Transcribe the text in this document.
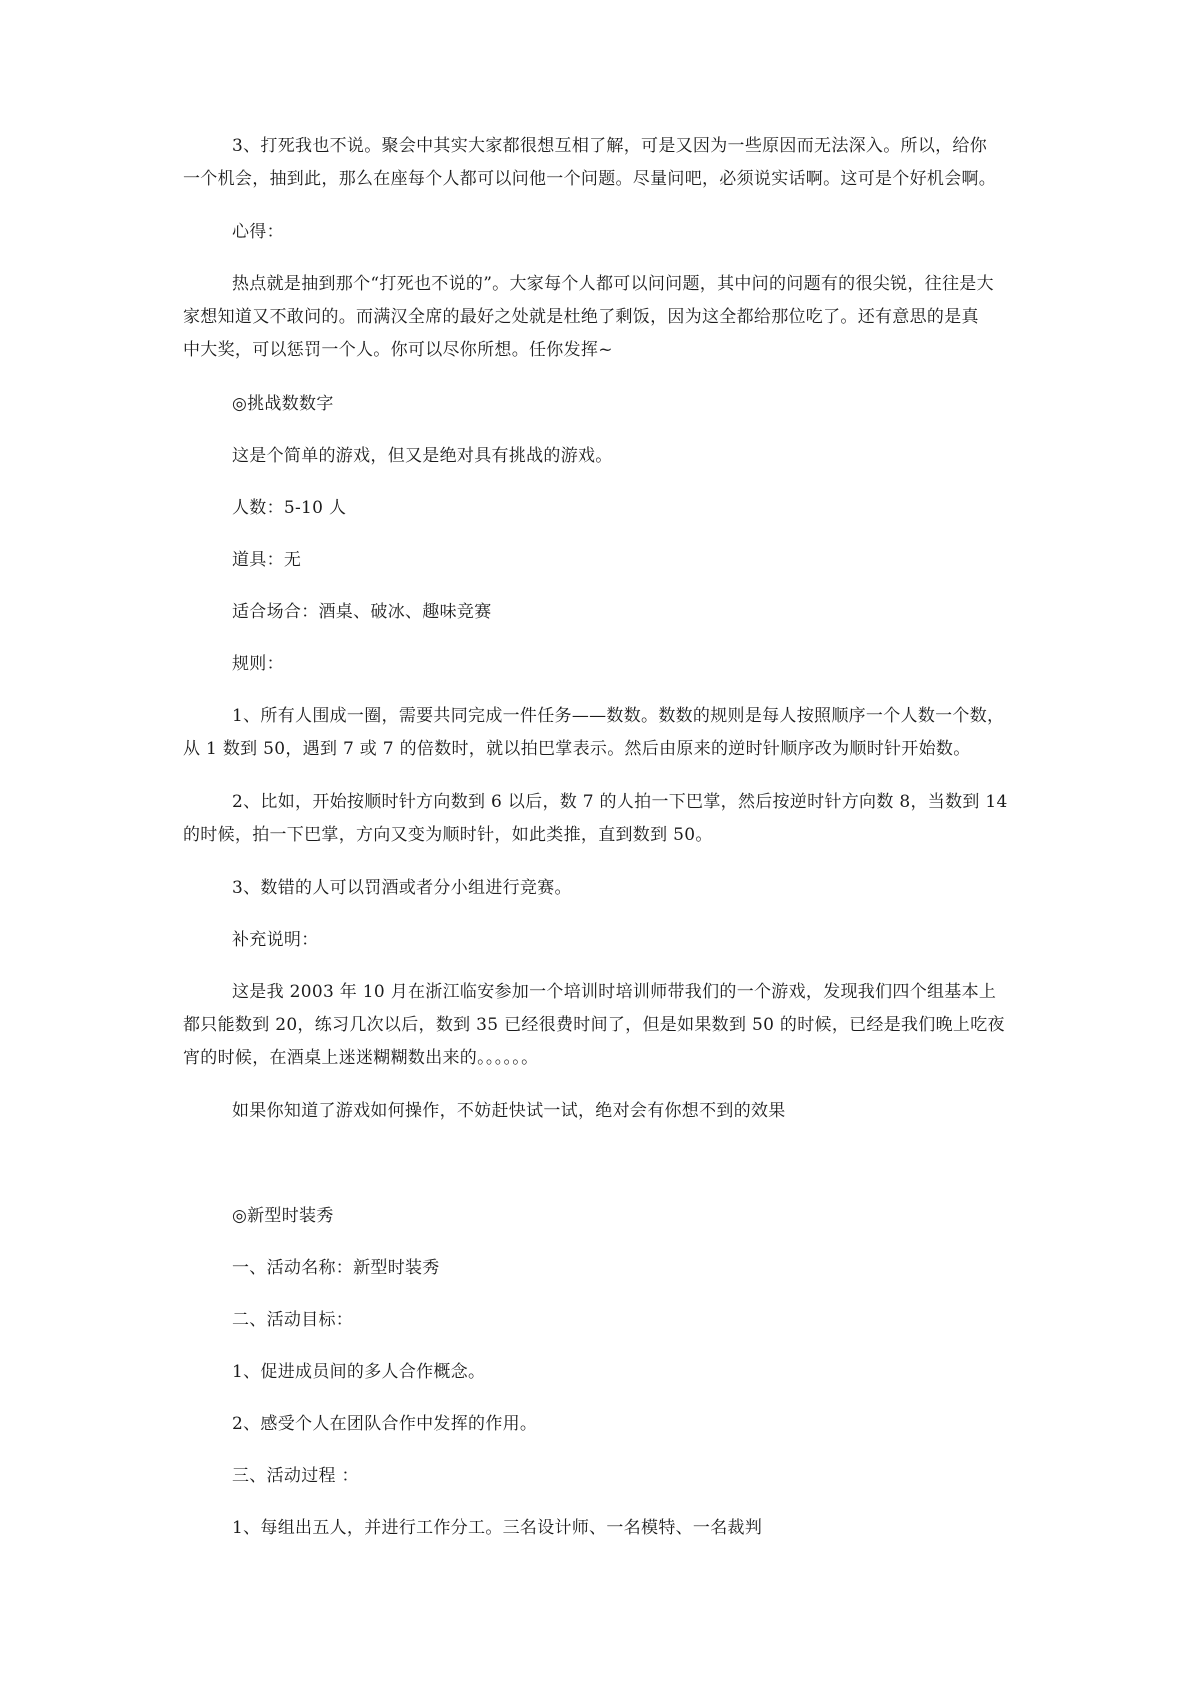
3、打死我也不说。聚会中其实大家都很想互相了解，可是又因为一些原因而无法深入。所以，给你
一个机会，抽到此，那么在座每个人都可以问他一个问题。尽量问吧，必须说实话啊。这可是个好机会啊。
心得：
热点就是抽到那个“打死也不说的”。大家每个人都可以问问题，其中问的问题有的很尖锐，往往是大
家想知道又不敢问的。而满汉全席的最好之处就是杜绝了剩饭，因为这全都给那位吃了。还有意思的是真
中大奖，可以惩罚一个人。你可以尽你所想。任你发挥~
◎挑战数数字
这是个简单的游戏，但又是绝对具有挑战的游戏。
人数：5-10 人
道具：无
适合场合：酒桌、破冰、趣味竞赛
规则：
1、所有人围成一圈，需要共同完成一件任务——数数。数数的规则是每人按照顺序一个人数一个数，
从 1 数到 50，遇到 7 或 7 的倍数时，就以拍巴掌表示。然后由原来的逆时针顺序改为顺时针开始数。
2、比如，开始按顺时针方向数到 6 以后，数 7 的人拍一下巴掌，然后按逆时针方向数 8，当数到 14
的时候，拍一下巴掌，方向又变为顺时针，如此类推，直到数到 50。
3、数错的人可以罚酒或者分小组进行竞赛。
补充说明：
这是我 2003 年 10 月在浙江临安参加一个培训时培训师带我们的一个游戏，发现我们四个组基本上
都只能数到 20，练习几次以后，数到 35 已经很费时间了，但是如果数到 50 的时候，已经是我们晚上吃夜
宵的时候，在酒桌上迷迷糊糊数出来的。。。。。。
如果你知道了游戏如何操作，不妨赶快试一试，绝对会有你想不到的效果
◎新型时装秀
一、活动名称：新型时装秀
二、活动目标：
1、促进成员间的多人合作概念。
2、感受个人在团队合作中发挥的作用。
三、活动过程 ：
1、每组出五人，并进行工作分工。三名设计师、一名模特、一名裁判
